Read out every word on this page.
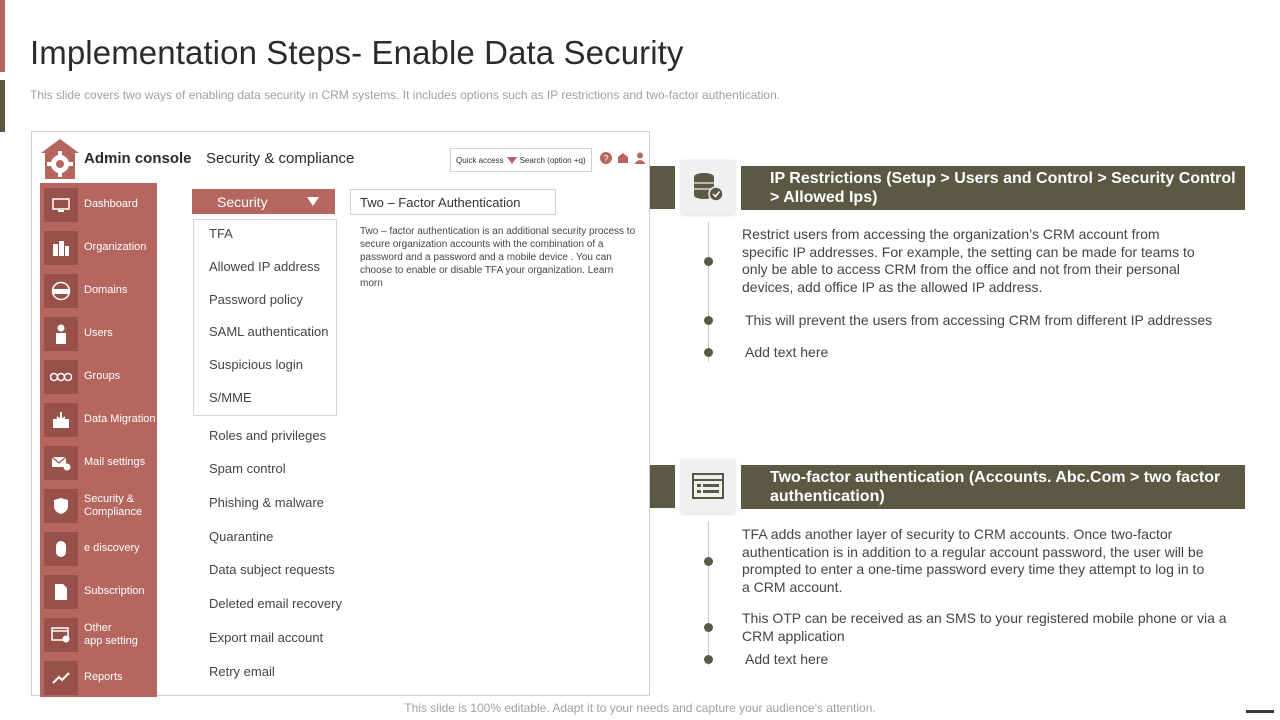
Implementation Steps- Enable Data Security
This slide covers two ways of enabling data security in CRM systems. It includes options such as IP restrictions and two-factor authentication.
Admin console Security & compliance	Quick access Search (option +q) ?
Dashboard
Organization
Domains
Users
Groups
Data Migration
Mail settings
Security &
Compliance
e discovery
Subscription
Other
app setting
Reports
Security
TFA
Allowed IP address
Password policy
SAML authentication
Suspicious login
S/MME
Roles and privileges
Spam control
Phishing & malware
Quarantine
Data subject requests
Deleted email recovery
Export mail account
Retry email
Two – Factor Authentication
Two – factor authentication is an additional security process to secure organization accounts with the combination of a password and a password and a mobile device . You can choose to enable or disable TFA your organization. Learn morn
IP Restrictions (Setup > Users and Control > Security Control > Allowed Ips)
Restrict users from accessing the organization’s CRM account from specific IP addresses. For example, the setting can be made for teams to only be able to access CRM from the office and not from their personal devices, add office IP as the allowed IP address.
This will prevent the users from accessing CRM from different IP addresses
Add text here
Two-factor authentication (Accounts. Abc.Com > two factor authentication)
TFA adds another layer of security to CRM accounts. Once two-factor authentication is in addition to a regular account password, the user will be prompted to enter a one-time password every time they attempt to log in to a CRM account.
This OTP can be received as an SMS to your registered mobile phone or via a CRM application
Add text here
This slide is 100% editable. Adapt it to your needs and capture your audience’s attention.
